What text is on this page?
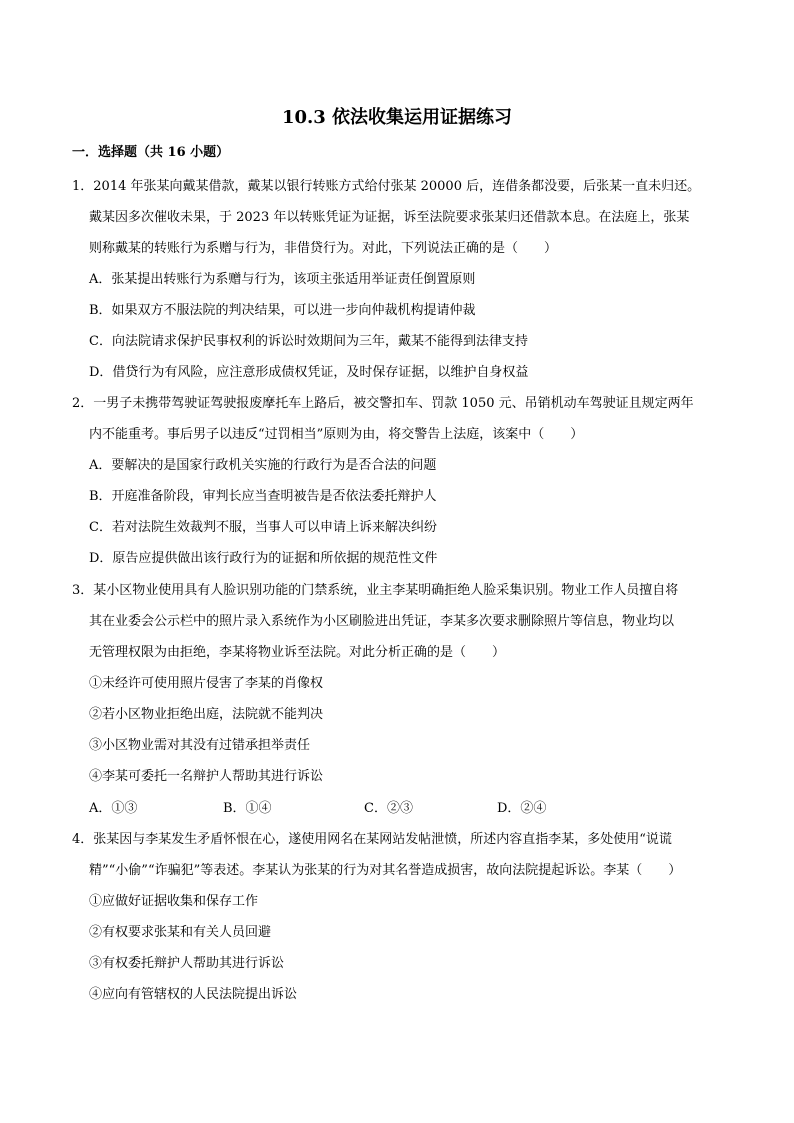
10.3 依法收集运用证据练习
一．选择题（共 16 小题）
1．2014 年张某向戴某借款，戴某以银行转账方式给付张某 20000 后，连借条都没要，后张某一直未归还。
戴某因多次催收未果，于 2023 年以转账凭证为证据，诉至法院要求张某归还借款本息。在法庭上，张某
则称戴某的转账行为系赠与行为，非借贷行为。对此，下列说法正确的是（　　）
A．张某提出转账行为系赠与行为，该项主张适用举证责任倒置原则
B．如果双方不服法院的判决结果，可以进一步向仲裁机构提请仲裁
C．向法院请求保护民事权利的诉讼时效期间为三年，戴某不能得到法律支持
D．借贷行为有风险，应注意形成债权凭证，及时保存证据，以维护自身权益
2．一男子未携带驾驶证驾驶报废摩托车上路后，被交警扣车、罚款 1050 元、吊销机动车驾驶证且规定两年
内不能重考。事后男子以违反“过罚相当”原则为由，将交警告上法庭，该案中（　　）
A．要解决的是国家行政机关实施的行政行为是否合法的问题
B．开庭准备阶段，审判长应当查明被告是否依法委托辩护人
C．若对法院生效裁判不服，当事人可以申请上诉来解决纠纷
D．原告应提供做出该行政行为的证据和所依据的规范性文件
3．某小区物业使用具有人脸识别功能的门禁系统，业主李某明确拒绝人脸采集识别。物业工作人员擅自将
其在业委会公示栏中的照片录入系统作为小区刷脸进出凭证，李某多次要求删除照片等信息，物业均以
无管理权限为由拒绝，李某将物业诉至法院。对此分析正确的是（　　）
①未经许可使用照片侵害了李某的肖像权
②若小区物业拒绝出庭，法院就不能判决
③小区物业需对其没有过错承担举责任
④李某可委托一名辩护人帮助其进行诉讼
A．①③	B．①④	C．②③	D．②④
4．张某因与李某发生矛盾怀恨在心，遂使用网名在某网站发帖泄愤，所述内容直指李某，多处使用“说谎
精”“小偷”“诈骗犯”等表述。李某认为张某的行为对其名誉造成损害，故向法院提起诉讼。李某（　　）
①应做好证据收集和保存工作
②有权要求张某和有关人员回避
③有权委托辩护人帮助其进行诉讼
④应向有管辖权的人民法院提出诉讼
